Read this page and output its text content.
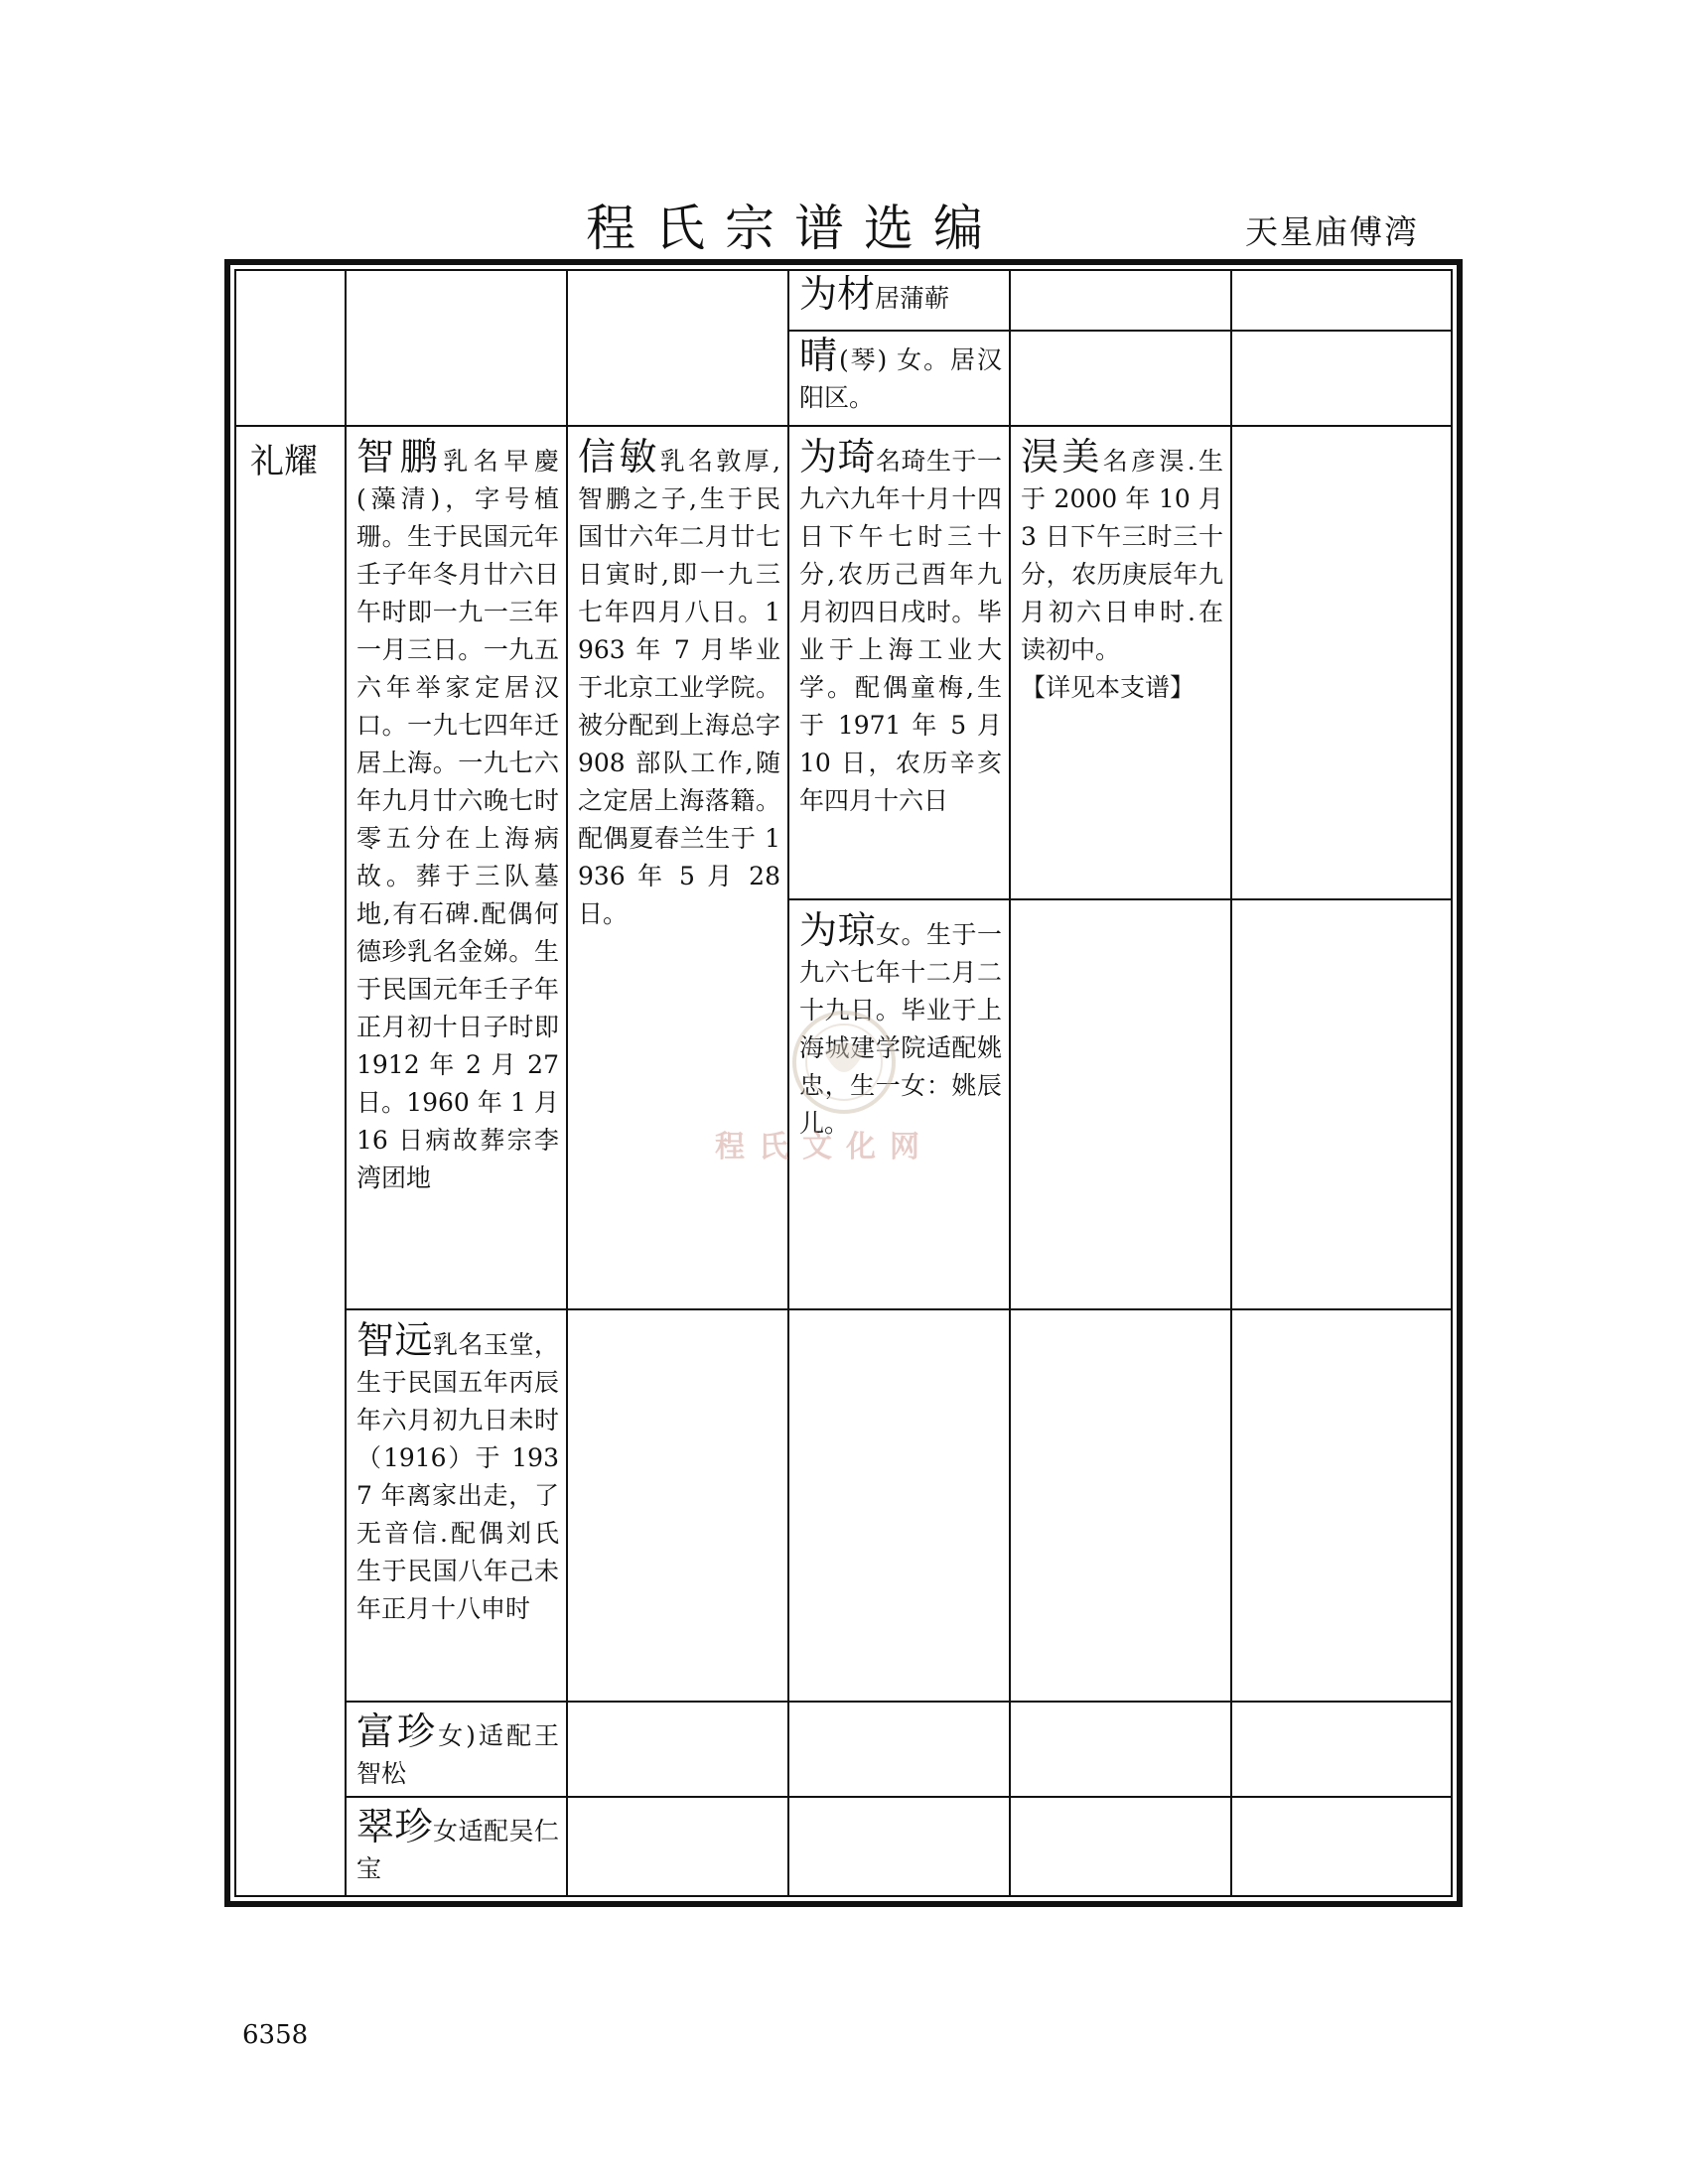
程氏宗谱选编	天星庙傅湾
礼耀
为材居蒲蕲
晴(琴) 女。居汉阳区。
智鹏乳名早慶(藻清)，字号植珊。生于民国元年壬子年冬月廿六日午时即一九一三年一月三日。一九五六年举家定居汉口。一九七四年迁居上海。一九七六年九月廿六晚七时零五分在上海病故。葬于三队墓地,有石碑.配偶何德珍乳名金娣。生于民国元年壬子年正月初十日子时即 1912 年 2 月 27 日。1960 年 1 月 16 日病故葬宗李湾团地
信敏乳名敦厚,智鹏之子,生于民国廿六年二月廿七日寅时,即一九三七年四月八日。1963 年 7 月毕业于北京工业学院。被分配到上海总字 908 部队工作,随之定居上海落籍。配偶夏春兰生于 1936 年 5 月 28 日。
为琦名琦生于一九六九年十月十四日下午七时三十分,农历己酉年九月初四日戌时。毕业于上海工业大学。配偶童梅,生于 1971 年 5 月 10 日，农历辛亥年四月十六日
为琼女。生于一九六七年十二月二十九日。毕业于上海城建学院适配姚忠，生一女：姚辰儿。
淏美名彦淏.生于 2000 年 10 月 3 日下午三时三十分，农历庚辰年九月初六日申时.在读初中。
【详见本支谱】
智远乳名玉堂，生于民国五年丙辰年六月初九日未时（1916）于 1937 年离家出走，了无音信.配偶刘氏生于民国八年己未年正月十八申时
富珍女)适配王智松
翠珍女适配吴仁宝
程氏文化网
6358
